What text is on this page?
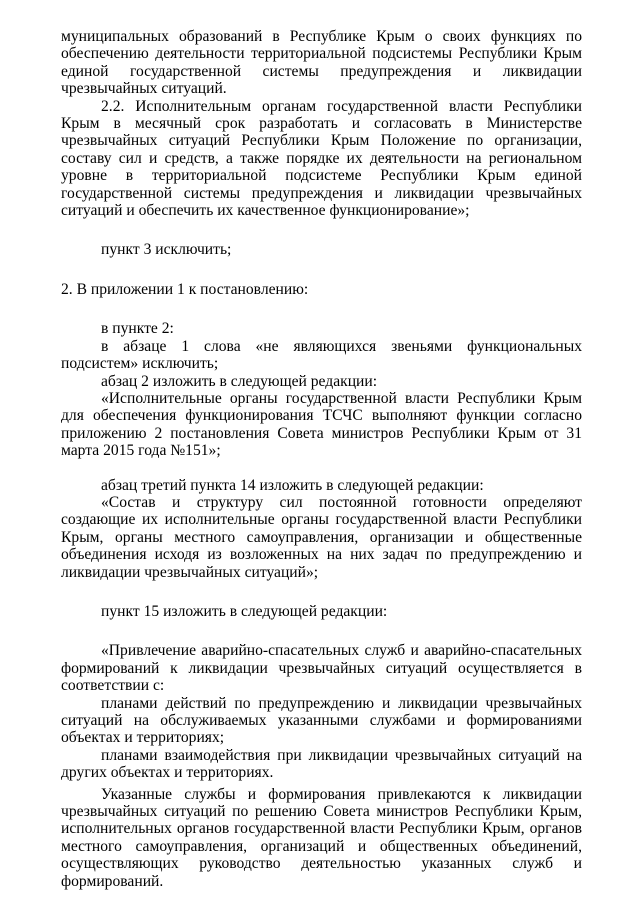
муниципальных образований в Республике Крым о своих функциях по обеспечению деятельности территориальной подсистемы Республики Крым единой государственной системы предупреждения и ликвидации чрезвычайных ситуаций.

2.2. Исполнительным органам государственной власти Республики Крым в месячный срок разработать и согласовать в Министерстве чрезвычайных ситуаций Республики Крым Положение по организации, составу сил и средств, а также порядке их деятельности на региональном уровне в территориальной подсистеме Республики Крым единой государственной системы предупреждения и ликвидации чрезвычайных ситуаций и обеспечить их качественное функционирование»;

пункт 3 исключить;

2. В приложении 1 к постановлению:

в пункте 2:

в абзаце 1 слова «не являющихся звеньями функциональных подсистем» исключить;

абзац 2 изложить в следующей редакции:

«Исполнительные органы государственной власти Республики Крым для обеспечения функционирования ТСЧС выполняют функции согласно приложению 2 постановления Совета министров Республики Крым от 31 марта 2015 года №151»;

абзац третий пункта 14 изложить в следующей редакции:

«Состав и структуру сил постоянной готовности определяют создающие их исполнительные органы государственной власти Республики Крым, органы местного самоуправления, организации и общественные объединения исходя из возложенных на них задач по предупреждению и ликвидации чрезвычайных ситуаций»;

пункт 15 изложить в следующей редакции:

«Привлечение аварийно-спасательных служб и аварийно-спасательных формирований к ликвидации чрезвычайных ситуаций осуществляется в соответствии с:

планами действий по предупреждению и ликвидации чрезвычайных ситуаций на обслуживаемых указанными службами и формированиями объектах и территориях;

планами взаимодействия при ликвидации чрезвычайных ситуаций на других объектах и территориях.

Указанные службы и формирования привлекаются к ликвидации чрезвычайных ситуаций по решению Совета министров Республики Крым, исполнительных органов государственной власти Республики Крым, органов местного самоуправления, организаций и общественных объединений, осуществляющих руководство деятельностью указанных служб и формирований.
